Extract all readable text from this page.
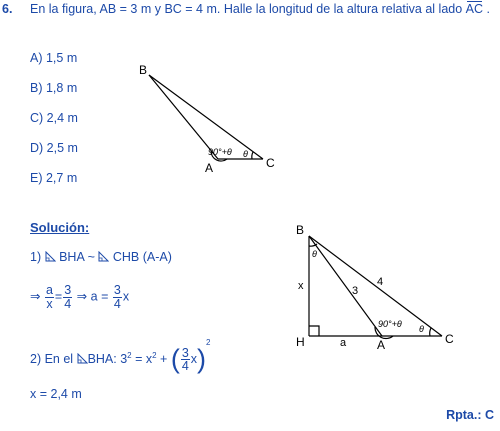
6. En la figura, AB = 3 m y BC = 4 m. Halle la longitud de la altura relativa al lado AC .
A) 1,5 m
B) 1,8 m
C) 2,4 m
D) 2,5 m
E) 2,7 m
B
A	C
90°+θ θ
Solución:
1)  BHA ~  CHB (A-A)
⇒ $\frac{a}{x} = \frac{3}{4}$ ⇒ $a = \frac{3}{4}$ x
2) En el BHA: $3^2 = x^2$ + ( $\frac{3}{4} x)^2$
x = 2,4 m
Rpta.: C
B
H	A	C
x
a
3
4
90°+θ θ
θ
